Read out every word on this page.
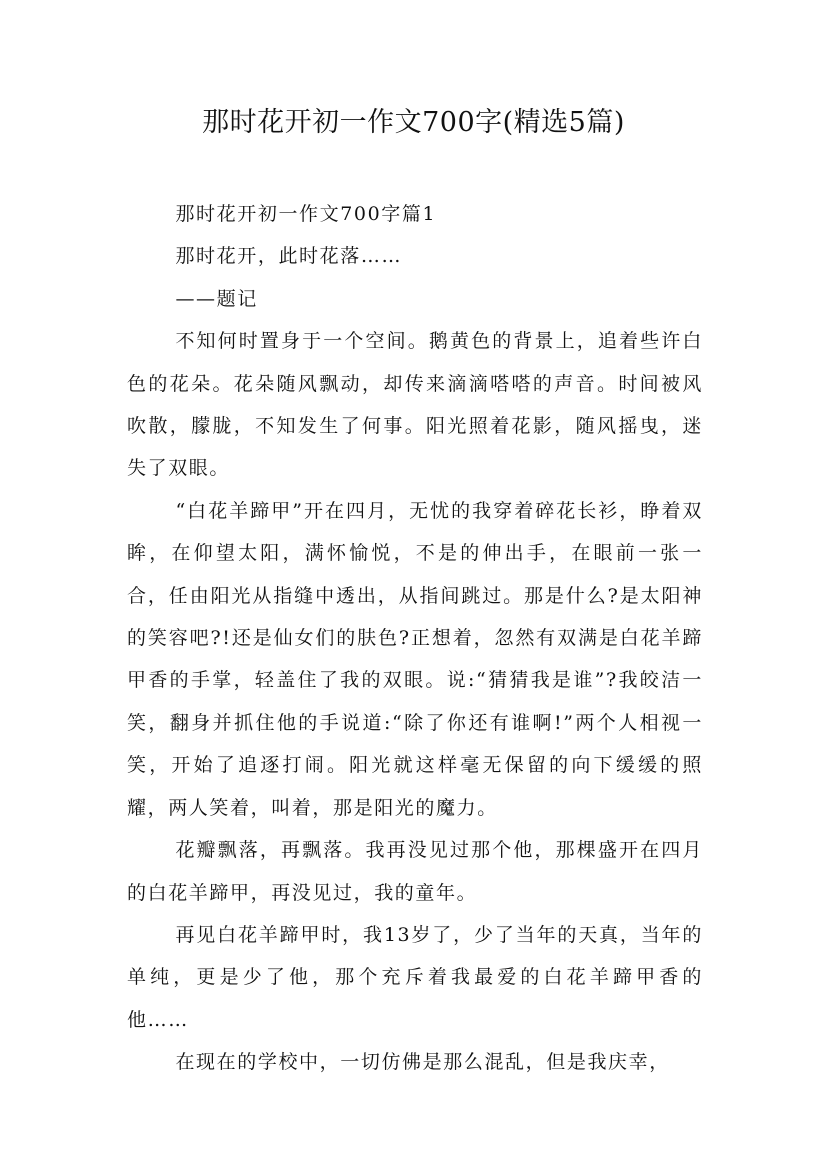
那时花开初一作文700字(精选5篇)

那时花开初一作文700字篇1

那时花开，此时花落……

——题记

不知何时置身于一个空间。鹅黄色的背景上，追着些许白色的花朵。花朵随风飘动，却传来滴滴嗒嗒的声音。时间被风吹散，朦胧，不知发生了何事。阳光照着花影，随风摇曳，迷失了双眼。

“白花羊蹄甲”开在四月，无忧的我穿着碎花长衫，睁着双眸，在仰望太阳，满怀愉悦，不是的伸出手，在眼前一张一合，任由阳光从指缝中透出，从指间跳过。那是什么?是太阳神的笑容吧?!还是仙女们的肤色?正想着，忽然有双满是白花羊蹄甲香的手掌，轻盖住了我的双眼。说:“猜猜我是谁”?我皎洁一笑，翻身并抓住他的手说道:“除了你还有谁啊!”两个人相视一笑，开始了追逐打闹。阳光就这样毫无保留的向下缓缓的照耀，两人笑着，叫着，那是阳光的魔力。

花瓣飘落，再飘落。我再没见过那个他，那棵盛开在四月的白花羊蹄甲，再没见过，我的童年。

再见白花羊蹄甲时，我13岁了，少了当年的天真，当年的单纯，更是少了他，那个充斥着我最爱的白花羊蹄甲香的他……

在现在的学校中，一切仿佛是那么混乱，但是我庆幸，
